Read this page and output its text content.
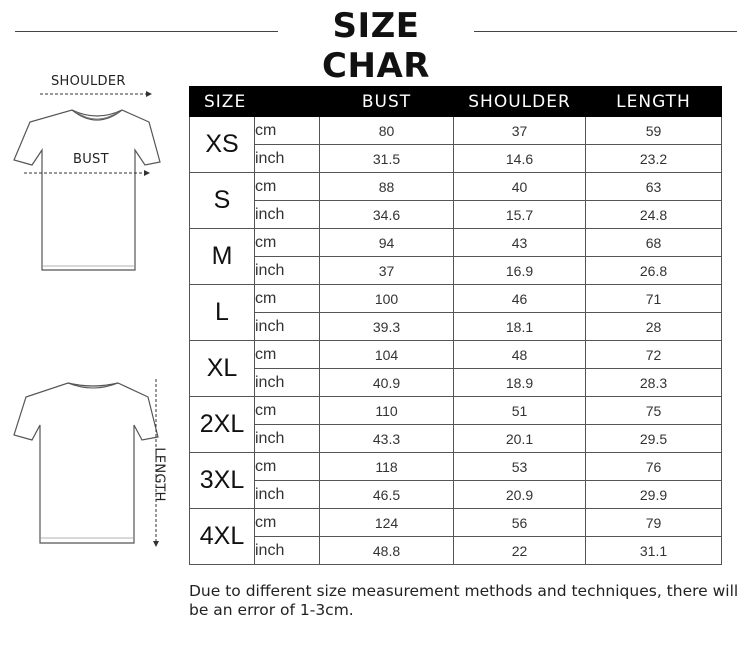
SIZE CHAR
SHOULDER
BUST
LENGTH
SIZE		BUST	SHOULDER	LENGTH
XS	cm	80	37	59
	inch	31.5	14.6	23.2
S	cm	88	40	63
	inch	34.6	15.7	24.8
M	cm	94	43	68
	inch	37	16.9	26.8
L	cm	100	46	71
	inch	39.3	18.1	28
XL	cm	104	48	72
	inch	40.9	18.9	28.3
2XL	cm	110	51	75
	inch	43.3	20.1	29.5
3XL	cm	118	53	76
	inch	46.5	20.9	29.9
4XL	cm	124	56	79
	inch	48.8	22	31.1
Due to different size measurement methods and techniques, there will be an error of 1-3cm.
